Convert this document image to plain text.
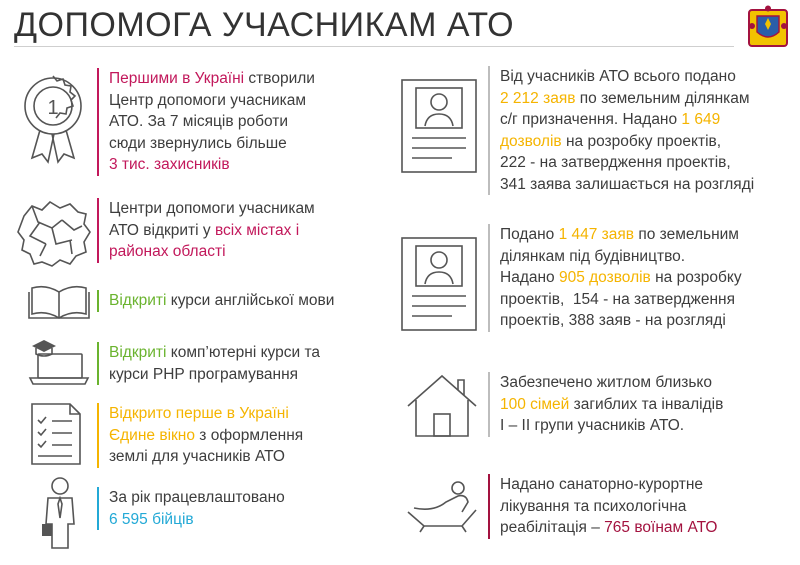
ДОПОМОГА УЧАСНИКАМ АТО
1
Першими в Україні створили
Центр допомоги учасникам
АТО. За 7 місяців роботи
сюди звернулись більше
3 тис. захисників
Центри допомоги учасникам
АТО відкриті у всіх містах і
районах області
Відкриті курси англійської мови
Відкриті комп’ютерні курси та
курси PHP програмування
Відкрито перше в Україні
Єдине вікно з оформлення
землі для учасників АТО
За рік працевлаштовано
6 595 бійців
Від учасників АТО всього подано
2 212 заяв по земельним ділянкам
с/г призначення. Надано 1 649
дозволів на розробку проектів,
222 - на затвердження проектів,
341 заява залишається на розгляді
Подано 1 447 заяв по земельним
ділянкам під будівництво.
Надано 905 дозволів на розробку
проектів,  154 - на затвердження
проектів, 388 заяв - на розгляді
Забезпечено житлом близько
100 сімей загиблих та інвалідів
I – II групи учасників АТО.
Надано санаторно-курортне
лікування та психологічна
реабілітація – 765 воїнам АТО
